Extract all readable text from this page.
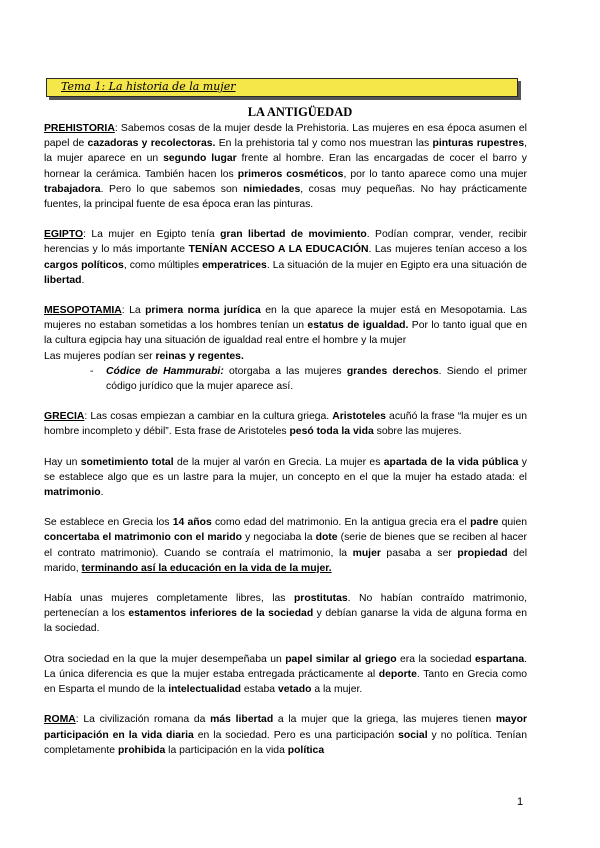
Tema 1: La historia de la mujer
LA ANTIGÜEDAD

PREHISTORIA: Sabemos cosas de la mujer desde la Prehistoria. Las mujeres en esa época asumen el papel de cazadoras y recolectoras. En la prehistoria tal y como nos muestran las pinturas rupestres, la mujer aparece en un segundo lugar frente al hombre. Eran las encargadas de cocer el barro y hornear la cerámica. También hacen los primeros cosméticos, por lo tanto aparece como una mujer trabajadora. Pero lo que sabemos son nimiedades, cosas muy pequeñas. No hay prácticamente fuentes, la principal fuente de esa época eran las pinturas.

EGIPTO: La mujer en Egipto tenía gran libertad de movimiento. Podían comprar, vender, recibir herencias y lo más importante TENÍAN ACCESO A LA EDUCACIÓN. Las mujeres tenían acceso a los cargos políticos, como múltiples emperatrices. La situación de la mujer en Egipto era una situación de libertad.

MESOPOTAMIA: La primera norma jurídica en la que aparece la mujer está en Mesopotamia. Las mujeres no estaban sometidas a los hombres tenían un estatus de igualdad. Por lo tanto igual que en la cultura egipcia hay una situación de igualdad real entre el hombre y la mujer

Las mujeres podían ser reinas y regentes.

-	Códice de Hammurabi: otorgaba a las mujeres grandes derechos. Siendo el primer código jurídico que la mujer aparece así.

GRECIA: Las cosas empiezan a cambiar en la cultura griega. Aristoteles acuñó la frase “la mujer es un hombre incompleto y débil”. Esta frase de Aristoteles pesó toda la vida sobre las mujeres.

Hay un sometimiento total de la mujer al varón en Grecia. La mujer es apartada de la vida pública y se establece algo que es un lastre para la mujer, un concepto en el que la mujer ha estado atada: el matrimonio.

Se establece en Grecia los 14 años como edad del matrimonio. En la antigua grecia era el padre quien concertaba el matrimonio con el marido y negociaba la dote (serie de bienes que se reciben al hacer el contrato matrimonio). Cuando se contraía el matrimonio, la mujer pasaba a ser propiedad del marido, terminando así la educación en la vida de la mujer.

Había unas mujeres completamente libres, las prostitutas. No habían contraído matrimonio, pertenecían a los estamentos inferiores de la sociedad y debían ganarse la vida de alguna forma en la sociedad.

Otra sociedad en la que la mujer desempeñaba un papel similar al griego era la sociedad espartana. La única diferencia es que la mujer estaba entregada prácticamente al deporte. Tanto en Grecia como en Esparta el mundo de la intelectualidad estaba vetado a la mujer.

ROMA: La civilización romana da más libertad a la mujer que la griega, las mujeres tienen mayor participación en la vida diaria en la sociedad. Pero es una participación social y no política. Tenían completamente prohibida la participación en la vida política

1
